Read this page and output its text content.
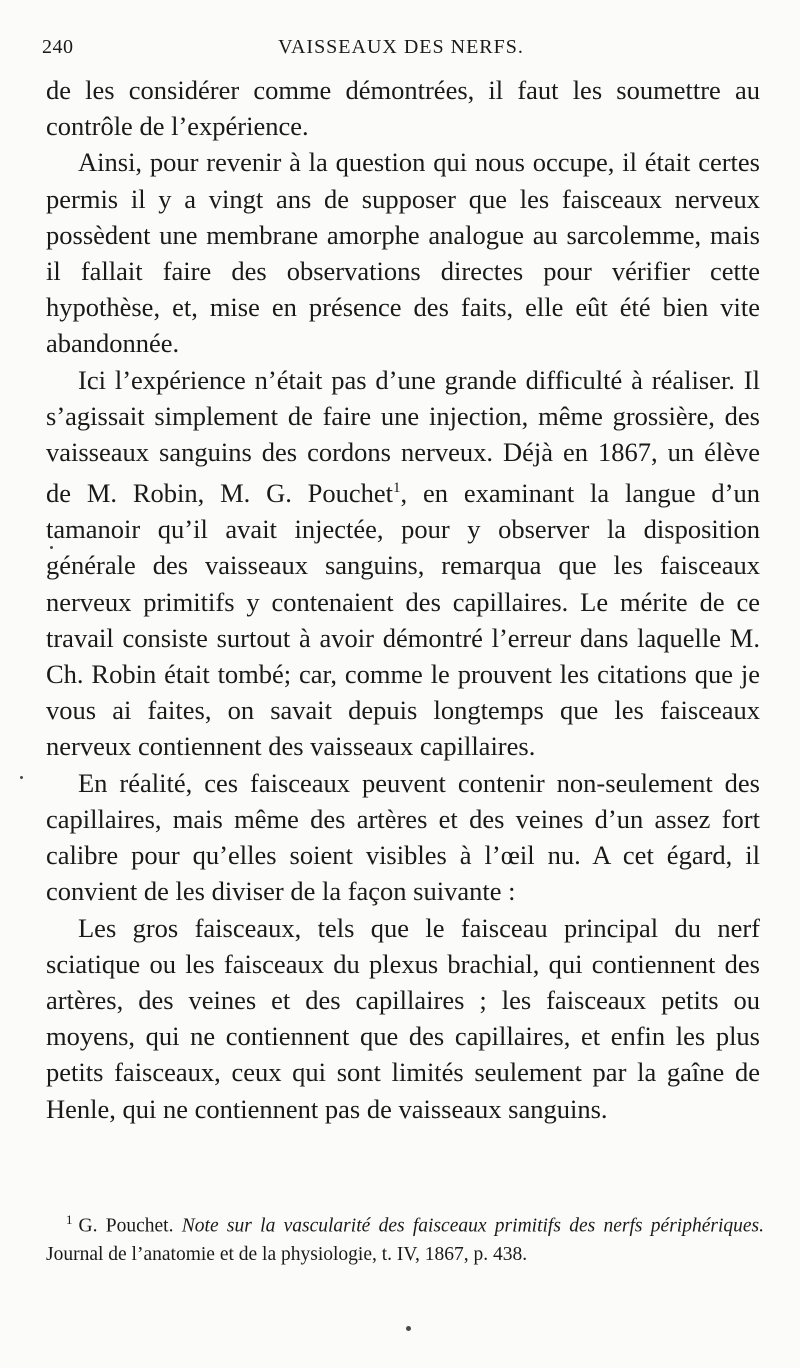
240	VAISSEAUX DES NERFS.

de les considérer comme démontrées, il faut les soumettre au contrôle de l’expérience.

Ainsi, pour revenir à la question qui nous occupe, il était certes permis il y a vingt ans de supposer que les faisceaux nerveux possèdent une membrane amorphe analogue au sarcolemme, mais il fallait faire des observations directes pour vérifier cette hypothèse, et, mise en présence des faits, elle eût été bien vite abandonnée.

Ici l’expérience n’était pas d’une grande difficulté à réaliser. Il s’agissait simplement de faire une injection, même grossière, des vaisseaux sanguins des cordons nerveux. Déjà en 1867, un élève de M. Robin, M. G. Pouchet$^1$, en examinant la langue d’un tamanoir qu’il avait injectée, pour y observer la disposition générale des vaisseaux sanguins, remarqua que les faisceaux nerveux primitifs y contenaient des capillaires. Le mérite de ce travail consiste surtout à avoir démontré l’erreur dans laquelle M. Ch. Robin était tombé; car, comme le prouvent les citations que je vous ai faites, on savait depuis longtemps que les faisceaux nerveux contiennent des vaisseaux capillaires.

En réalité, ces faisceaux peuvent contenir non-seulement des capillaires, mais même des artères et des veines d’un assez fort calibre pour qu’elles soient visibles à l’œil nu. A cet égard, il convient de les diviser de la façon suivante :

Les gros faisceaux, tels que le faisceau principal du nerf sciatique ou les faisceaux du plexus brachial, qui contiennent des artères, des veines et des capillaires ; les faisceaux petits ou moyens, qui ne contiennent que des capillaires, et enfin les plus petits faisceaux, ceux qui sont limités seulement par la gaîne de Henle, qui ne contiennent pas de vaisseaux sanguins.

$^1$ G. Pouchet. Note sur la vascularité des faisceaux primitifs des nerfs périphériques. Journal de l’anatomie et de la physiologie, t. IV, 1867, p. 438.
